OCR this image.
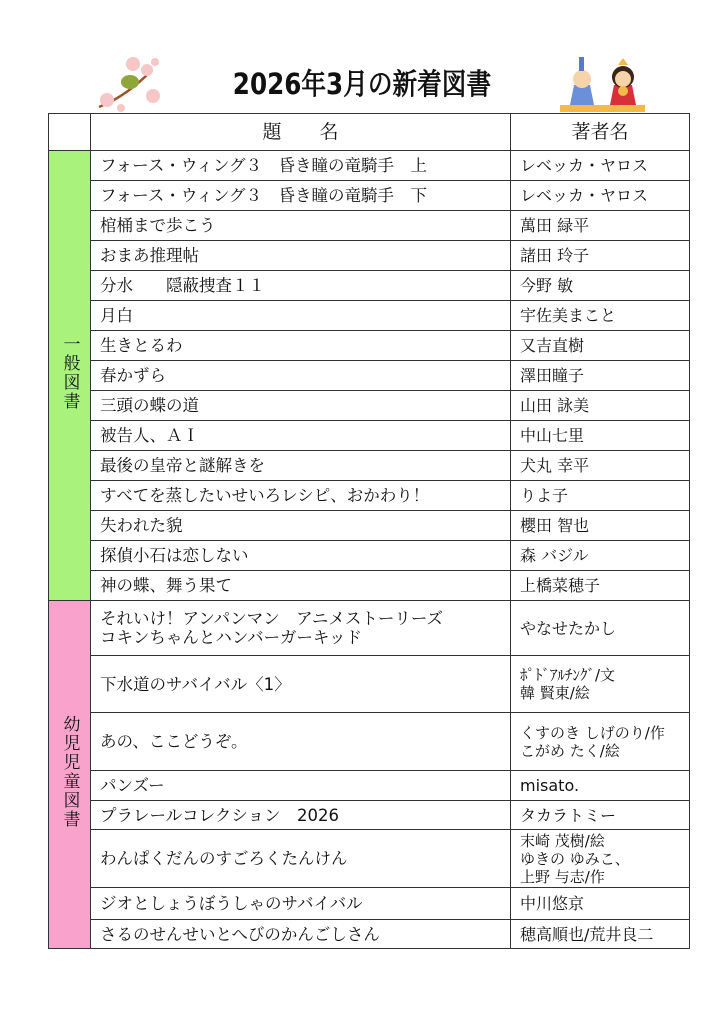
2026年3月の新着図書
	題　　名	著者名
一般図書	フォース・ウィング３　昏き瞳の竜騎手　上	レベッカ・ヤロス
	フォース・ウィング３　昏き瞳の竜騎手　下	レベッカ・ヤロス
	棺桶まで歩こう	萬田 緑平
	おまあ推理帖	諸田 玲子
	分水　　隠蔽捜査１１	今野 敏
	月白	宇佐美まこと
	生きとるわ	又吉直樹
	春かずら	澤田瞳子
	三頭の蝶の道	山田 詠美
	被告人、ＡＩ	中山七里
	最後の皇帝と謎解きを	犬丸 幸平
	すべてを蒸したいせいろレシピ、おかわり！	りよ子
	失われた貌	櫻田 智也
	探偵小石は恋しない	森 バジル
	神の蝶、舞う果て	上橋菜穂子
幼児児童図書	それいけ！アンパンマン　アニメストーリーズ
コキンちゃんとハンバーガーキッド	やなせたかし

	下水道のサバイバル〈1〉	ﾎﾟﾄﾞｱﾙﾁﾝｸﾞ/文
韓 賢東/絵

	あの、ここどうぞ。	くすのき しげのり/作
こがめ たく/絵

	パンズー	misato.

	プラレールコレクション　2026	タカラトミー

	わんぱくだんのすごろくたんけん	末崎 茂樹/絵
ゆきの ゆみこ、
上野 与志/作

	ジオとしょうぼうしゃのサバイバル	中川悠京

	さるのせんせいとへびのかんごしさん	穂高順也/荒井良二
